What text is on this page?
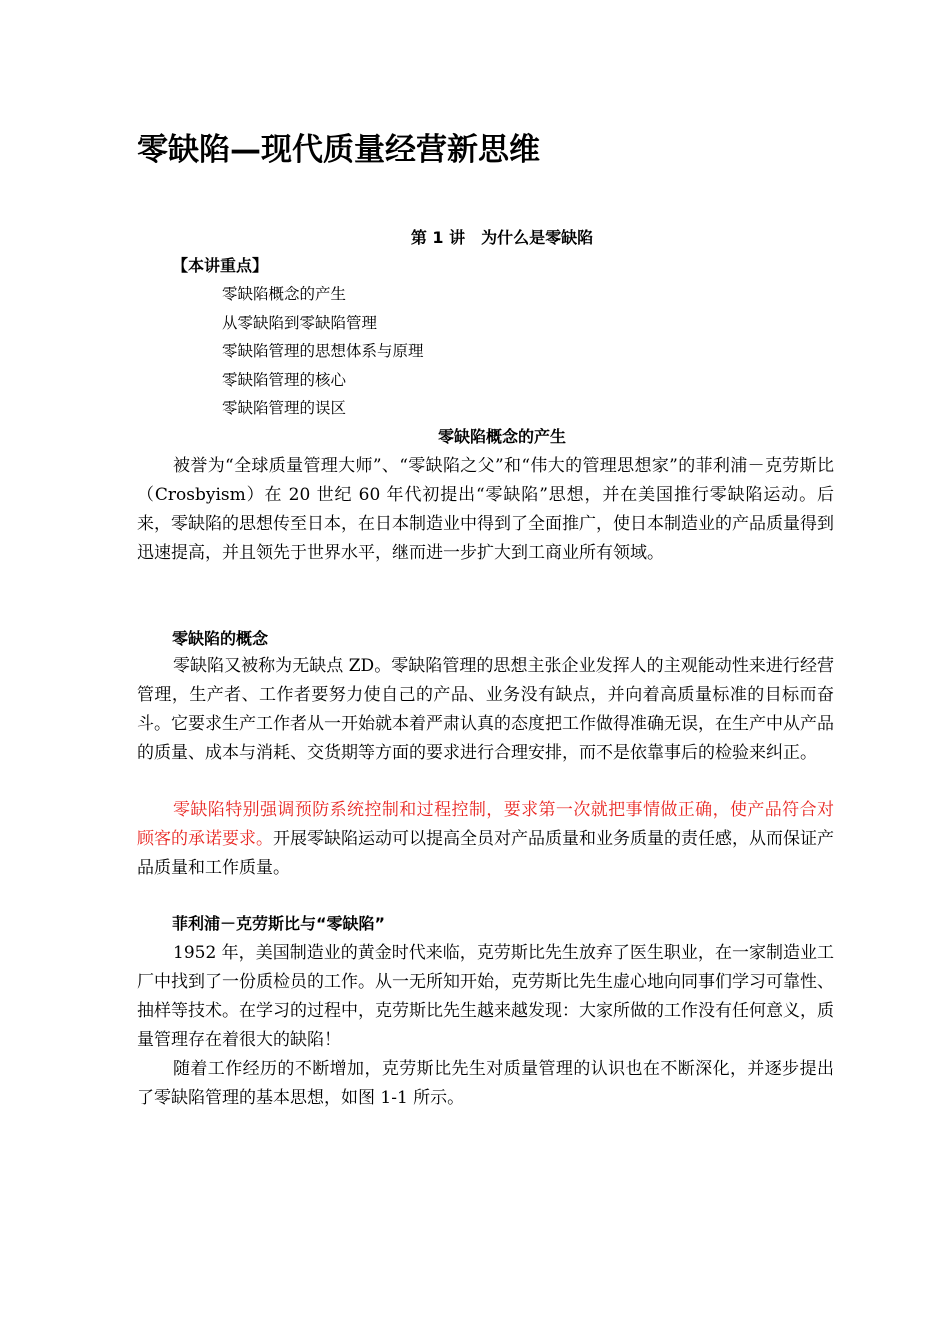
零缺陷—现代质量经营新思维
第 1 讲　为什么是零缺陷
【本讲重点】
零缺陷概念的产生
从零缺陷到零缺陷管理
零缺陷管理的思想体系与原理
零缺陷管理的核心
零缺陷管理的误区
零缺陷概念的产生

被誉为“全球质量管理大师”、“零缺陷之父”和“伟大的管理思想家”的菲利浦－克劳斯比（Crosbyism）在 20 世纪 60 年代初提出“零缺陷”思想，并在美国推行零缺陷运动。后来，零缺陷的思想传至日本，在日本制造业中得到了全面推广，使日本制造业的产品质量得到迅速提高，并且领先于世界水平，继而进一步扩大到工商业所有领域。

零缺陷的概念

零缺陷又被称为无缺点 ZD。零缺陷管理的思想主张企业发挥人的主观能动性来进行经营管理，生产者、工作者要努力使自己的产品、业务没有缺点，并向着高质量标准的目标而奋斗。它要求生产工作者从一开始就本着严肃认真的态度把工作做得准确无误，在生产中从产品的质量、成本与消耗、交货期等方面的要求进行合理安排，而不是依靠事后的检验来纠正。

零缺陷特别强调预防系统控制和过程控制，要求第一次就把事情做正确，使产品符合对顾客的承诺要求。开展零缺陷运动可以提高全员对产品质量和业务质量的责任感，从而保证产品质量和工作质量。

菲利浦－克劳斯比与“零缺陷”

1952 年，美国制造业的黄金时代来临，克劳斯比先生放弃了医生职业，在一家制造业工厂中找到了一份质检员的工作。从一无所知开始，克劳斯比先生虚心地向同事们学习可靠性、抽样等技术。在学习的过程中，克劳斯比先生越来越发现：大家所做的工作没有任何意义，质量管理存在着很大的缺陷！

随着工作经历的不断增加，克劳斯比先生对质量管理的认识也在不断深化，并逐步提出了零缺陷管理的基本思想，如图 1-1 所示。
